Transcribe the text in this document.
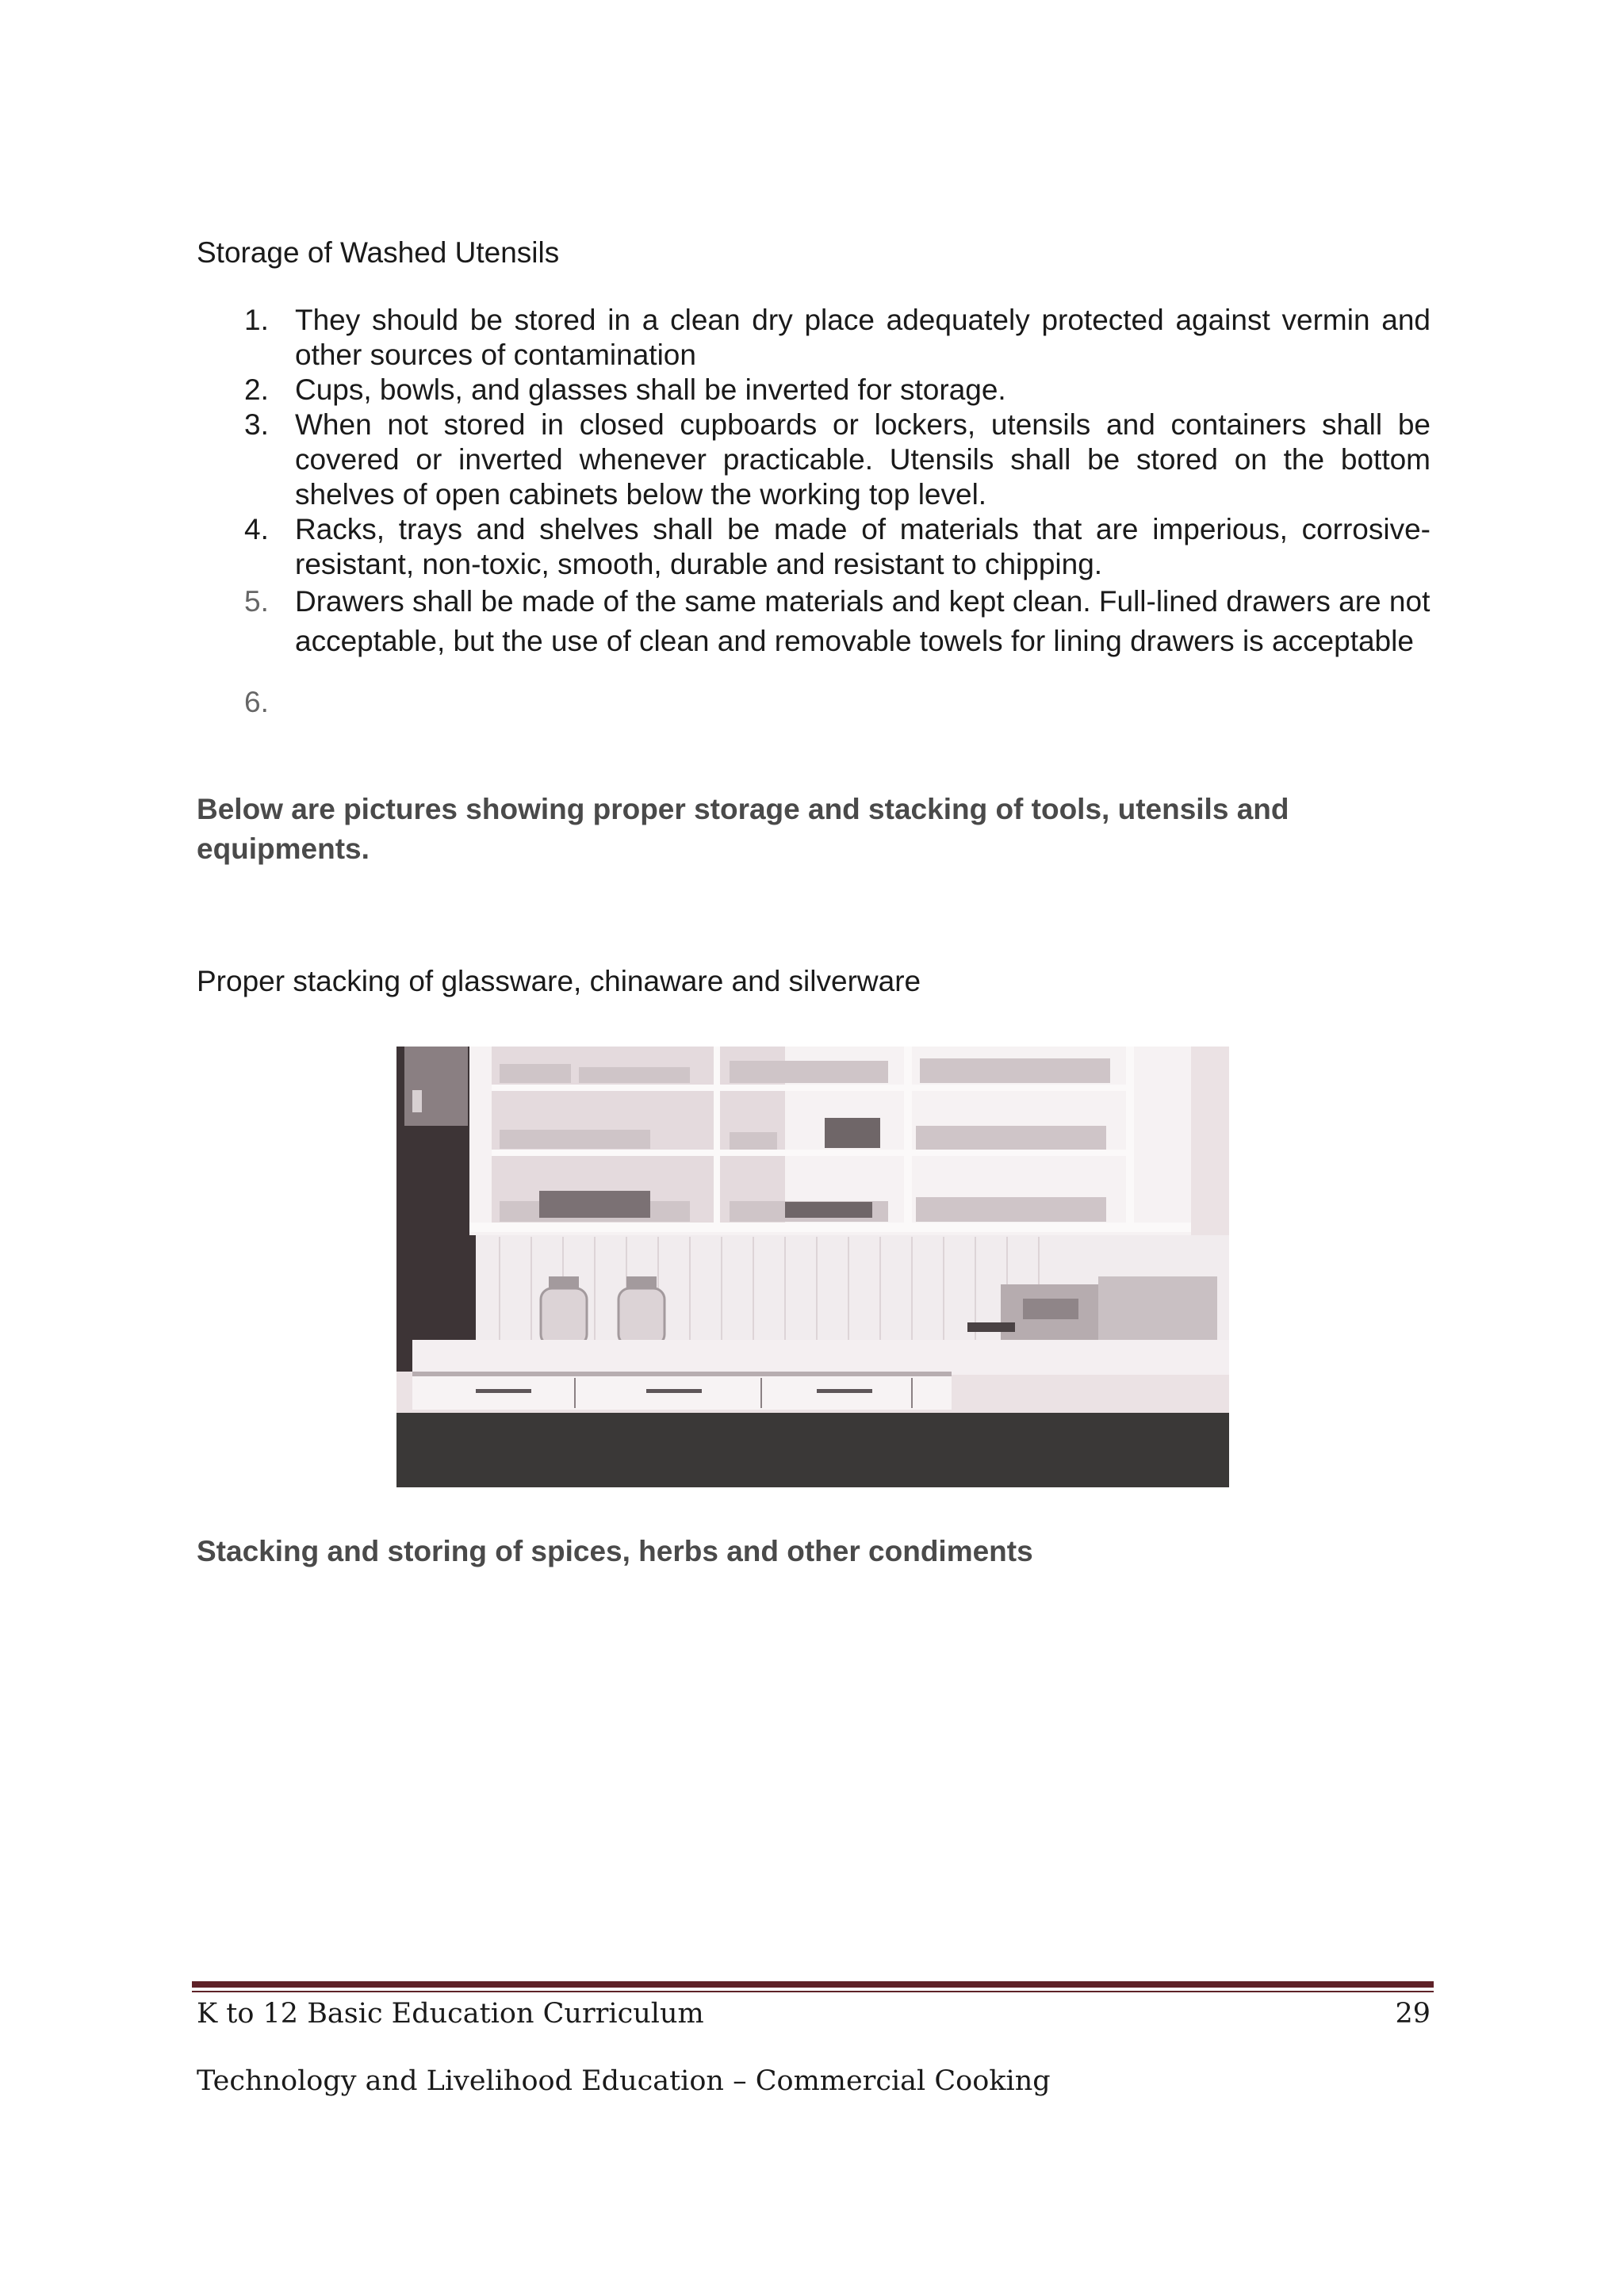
Storage of Washed Utensils
1. They should be stored in a clean dry place adequately protected against vermin and other sources of contamination
2. Cups, bowls, and glasses shall be inverted for storage.
3. When not stored in closed cupboards or lockers, utensils and containers shall be covered or inverted whenever practicable. Utensils shall be stored on the bottom shelves of open cabinets below the working top level.
4. Racks, trays and shelves shall be made of materials that are imperious, corrosive-resistant, non-toxic, smooth, durable and resistant to chipping.
5. Drawers shall be made of the same materials and kept clean. Full-lined drawers are not acceptable, but the use of clean and removable towels for lining drawers is acceptable
6.

Below are pictures showing proper storage and stacking of tools, utensils and equipments.
Proper stacking of glassware, chinaware and silverware
Stacking and storing of spices, herbs and other condiments
K to 12 Basic Education Curriculum	29
Technology and Livelihood Education – Commercial Cooking
